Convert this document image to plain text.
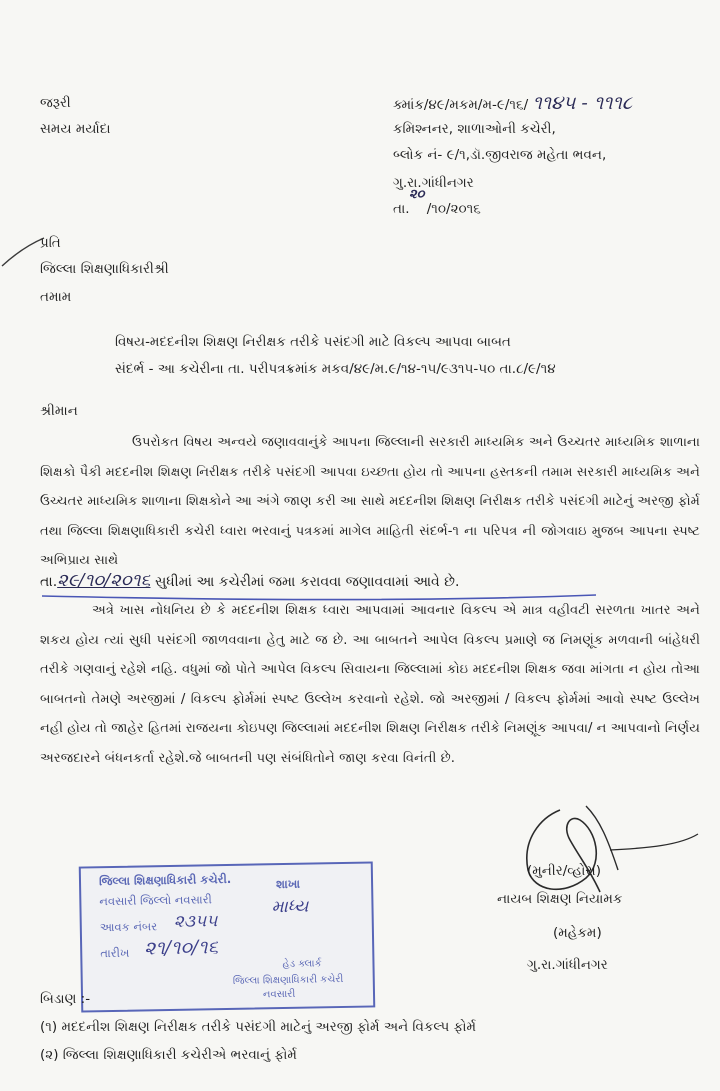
જરૂરી
સમય મર્યાદા
ક્માંક/૪૯/મકમ/મ-૯/૧૬/ ૧૧૪૫ - ૧૧૧૮
કમિશ્નનર, શાળાઓની કચેરી,
બ્લોક નં- ૯/૧,ડૉ.જીવરાજ મહેતા ભવન,
ગુ.રા.ગાંધીનગર
૨૦
તા. /૧૦/૨૦૧૬
પ્રતિ
જિલ્લા શિક્ષણાધિકારીશ્રી
તમામ
વિષય-મદદનીશ શિક્ષણ નિરીક્ષક તરીકે પસંદગી માટે વિકલ્પ આપવા બાબત
સંદર્ભ - આ કચેરીના તા. પરીપત્રક્રમાંક મકવ/૪૯/મ.૯/૧૪-૧૫/૯૩૧૫-૫૦ તા.૮/૯/૧૪
શ્રીમાન
ઉપરોકત વિષય અન્વયે જણાવવાનુંકે આપના જિલ્લાની સરકારી માધ્યમિક અને ઉચ્ચતર માધ્યમિક શાળાના શિક્ષકો પૈકી મદદનીશ શિક્ષણ નિરીક્ષક તરીકે પસંદગી આપવા ઇચ્છતા હોય તો આપના હસ્તકની તમામ સરકારી માધ્યમિક અને ઉચ્ચતર માધ્યમિક શાળાના શિક્ષકોને આ અંગે જાણ કરી આ સાથે મદદનીશ શિક્ષણ નિરીક્ષક તરીકે પસંદગી માટેનું અરજી ફોર્મ તથા જિલ્લા શિક્ષણાધિકારી કચેરી ધ્વારા ભરવાનું પત્રકમાં માગેલ માહિતી સંદર્ભ-૧ ના પરિપત્ર ની જોગવાઇ મુજબ આપના સ્પષ્ટ અભિપ્રાય સાથે
તા.૨૯/૧૦/૨૦૧૬ સુધીમાં આ કચેરીમાં જમા કરાવવા જણાવવામાં આવે છે.
અત્રે ખાસ નોધનિય છે કે મદદનીશ શિક્ષક ધ્વારા આપવામાં આવનાર વિકલ્પ એ માત્ર વહીવટી સરળતા ખાતર અને શકય હોય ત્યાં સુધી પસંદગી જાળવવાના હેતુ માટે જ છે. આ બાબતને આપેલ વિકલ્પ પ્રમાણે જ નિમણૂંક મળવાની બાંહેધરી તરીકે ગણવાનું રહેશે નહિ. વધુમાં જો પોતે આપેલ વિકલ્પ સિવાયના જિલ્લામાં કોઇ મદદનીશ શિક્ષક જવા માંગતા ન હોય તોઆ બાબતનો તેમણે અરજીમાં / વિકલ્પ ફોર્મમાં સ્પષ્ટ ઉલ્લેખ કરવાનો રહેશે. જો અરજીમાં / વિકલ્પ ફોર્મમાં આવો સ્પષ્ટ ઉલ્લેખ નહી હોય તો જાહેર હિતમાં રાજયના કોઇપણ જિલ્લામાં મદદનીશ શિક્ષણ નિરીક્ષક તરીકે નિમણૂંક આપવા/ ન આપવાનો નિર્ણય અરજદારને બંધનકર્તા રહેશે.જે બાબતની પણ સંબંધિતોને જાણ કરવા વિનંતી છે.
(મુનીર/વ્હોરા)
નાયબ શિક્ષણ નિયામક
(મહેકમ)
ગુ.રા.ગાંધીનગર
જિલ્લા શિક્ષણાધિકારી કચેરી.
નવસારી જિલ્લો નવસારી
આવક નંબર ૨૩૫૫
તારીખ ૨૧/૧૦/૧૬
શાખા
માધ્ય
હેડ ક્લાર્ક
જિલ્લા શિક્ષણાધિકારી કચેરી
નવસારી
બિડાણ :-
(૧) મદદનીશ શિક્ષણ નિરીક્ષક તરીકે પસંદગી માટેનું અરજી ફોર્મ અને વિકલ્પ ફોર્મ
(૨) જિલ્લા શિક્ષણાધિકારી કચેરીએ ભરવાનું ફોર્મ
